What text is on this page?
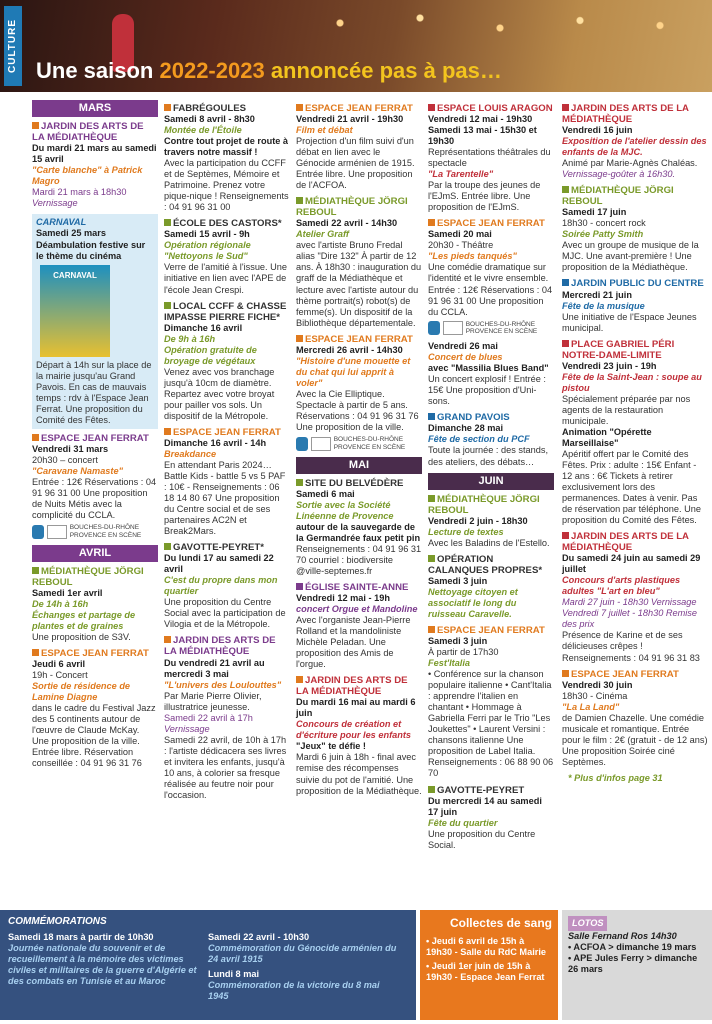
CULTURE Une saison 2022-2023 annoncée pas à pas…
MARS
JARDIN DES ARTS DE LA MÉDIATHÈQUE
Du mardi 21 mars au samedi 15 avril
"Carte blanche" à Patrick Magro
Mardi 21 mars à 18h30
Vernissage
CARNAVAL
Samedi 25 mars
Déambulation festive sur le thème du cinéma
CARNAVAL
Départ à 14h sur la place de la mairie jusqu'au Grand Pavois. En cas de mauvais temps : rdv à l'Espace Jean Ferrat. Une proposition du Comité des Fêtes.
ESPACE JEAN FERRAT
Vendredi 31 mars
20h30 – concert
"Caravane Namaste"
Entrée : 12€ Réservations : 04 91 96 31 00 Une proposition de Nuits Métis avec la complicité du CCLA.
BOUCHES-DU-RHÔNE PROVENCE EN SCÈNE
AVRIL
MÉDIATHÈQUE JÖRGI REBOUL
Samedi 1er avril
De 14h à 16h
Échanges et partage de plantes et de graines
Une proposition de S3V.
ESPACE JEAN FERRAT
Jeudi 6 avril
19h - Concert
Sortie de résidence de Lamine Diagne
dans le cadre du Festival Jazz des 5 continents autour de l'œuvre de Claude McKay. Une proposition de la ville. Entrée libre. Réservation conseillée : 04 91 96 31 76
FABRÉGOULES
Samedi 8 avril - 8h30
Montée de l'Étoile
Contre tout projet de route à travers notre massif !
Avec la participation du CCFF et de Septèmes, Mémoire et Patrimoine. Prenez votre pique-nique ! Renseignements : 04 91 96 31 00
ÉCOLE DES CASTORS*
Samedi 15 avril - 9h
Opération régionale "Nettoyons le Sud"
Verre de l'amitié à l'issue. Une initiative en lien avec l'APE de l'école Jean Crespi.
LOCAL CCFF & CHASSE IMPASSE PIERRE FICHE*
Dimanche 16 avril
De 9h à 16h
Opération gratuite de broyage de végétaux
Venez avec vos branchage jusqu'à 10cm de diamètre. Repartez avec votre broyat pour pailler vos sols. Un dispositif de la Métropole.
ESPACE JEAN FERRAT
Dimanche 16 avril - 14h
Breakdance
En attendant Paris 2024… Battle Kids - battle 5 vs 5 PAF : 10€ - Renseignements : 06 18 14 80 67 Une proposition du Centre social et de ses partenaires AC2N et Break2Mars.
GAVOTTE-PEYRET*
Du lundi 17 au samedi 22 avril
C'est du propre dans mon quartier
Une proposition du Centre Social avec la participation de Vilogia et de la Métropole.
JARDIN DES ARTS DE LA MÉDIATHÈQUE
Du vendredi 21 avril au mercredi 3 mai
"L'univers des Loulouttes"
Par Marie Pierre Olivier, illustratrice jeunesse.
Samedi 22 avril à 17h
Vernissage
Samedi 22 avril, de 10h à 17h : l'artiste dédicacera ses livres et invitera les enfants, jusqu'à 10 ans, à colorier sa fresque réalisée au feutre noir pour l'occasion.
ESPACE JEAN FERRAT
Vendredi 21 avril - 19h30
Film et débat
Projection d'un film suivi d'un débat en lien avec le Génocide arménien de 1915. Entrée libre. Une proposition de l'ACFOA.
MÉDIATHÈQUE JÖRGI REBOUL
Samedi 22 avril - 14h30
Atelier Graff
avec l'artiste Bruno Fredal alias "Dire 132" À partir de 12 ans. À 18h30 : inauguration du graff de la Médiathèque et lecture avec l'artiste autour du thème portrait(s) robot(s) de femme(s). Un dispositif de la Bibliothèque départementale.
ESPACE JEAN FERRAT
Mercredi 26 avril - 14h30
"Histoire d'une mouette et du chat qui lui apprit à voler"
Avec la Cie Elliptique. Spectacle à partir de 5 ans. Réservations : 04 91 96 31 76 Une proposition de la ville.
BOUCHES-DU-RHÔNE PROVENCE EN SCÈNE
MAI
SITE DU BELVÉDÈRE
Samedi 6 mai
Sortie avec la Société Linéenne de Provence
autour de la sauvegarde de la Germandrée faux petit pin
Renseignements : 04 91 96 31 70 courriel : biodiversite @ville-septemes.fr
ÉGLISE SAINTE-ANNE
Vendredi 12 mai - 19h
concert Orgue et Mandoline
Avec l'organiste Jean-Pierre Rolland et la mandoliniste Michèle Peladan. Une proposition des Amis de l'orgue.
JARDIN DES ARTS DE LA MÉDIATHÈQUE
Du mardi 16 mai au mardi 6 juin
Concours de création et d'écriture pour les enfants
"Jeux" te défie !
Mardi 6 juin à 18h - final avec remise des récompenses suivie du pot de l'amitié. Une proposition de la Médiathèque.
ESPACE LOUIS ARAGON
Vendredi 12 mai - 19h30 Samedi 13 mai - 15h30 et 19h30
Représentations théâtrales du spectacle
"La Tarentelle"
Par la troupe des jeunes de l'EJmS. Entrée libre. Une proposition de l'EJmS.
ESPACE JEAN FERRAT
Samedi 20 mai
20h30 - Théâtre
"Les pieds tanqués"
Une comédie dramatique sur l'identité et le vivre ensemble. Entrée : 12€ Réservations : 04 91 96 31 00 Une proposition du CCLA.
BOUCHES-DU-RHÔNE PROVENCE EN SCÈNE
Vendredi 26 mai
Concert de blues
avec "Massilia Blues Band"
Un concert explosif ! Entrée : 15€ Une proposition d'Uni-sons.
GRAND PAVOIS
Dimanche 28 mai
Fête de section du PCF
Toute la journée : des stands, des ateliers, des débats…
JUIN
MÉDIATHÈQUE JÖRGI REBOUL
Vendredi 2 juin - 18h30
Lecture de textes
Avec les Baladins de l'Estello.
OPÉRATION CALANQUES PROPRES*
Samedi 3 juin
Nettoyage citoyen et associatif le long du ruisseau Caravelle.
ESPACE JEAN FERRAT
Samedi 3 juin
À partir de 17h30
Fest'Italia
• Conférence sur la chanson populaire italienne • Cant'Italia : apprendre l'italien en chantant • Hommage à Gabriella Ferri par le Trio "Les Joukettes" • Laurent Versini : chansons italienne Une proposition de Label Italia. Renseignements : 06 88 90 06 70
GAVOTTE-PEYRET
Du mercredi 14 au samedi 17 juin
Fête du quartier
Une proposition du Centre Social.
JARDIN DES ARTS DE LA MÉDIATHÈQUE
Vendredi 16 juin
Exposition de l'atelier dessin des enfants de la MJC.
Animé par Marie-Agnès Chaléas.
Vernissage-goûter à 16h30.
MÉDIATHÈQUE JÖRGI REBOUL
Samedi 17 juin
18h30 - concert rock
Soirée Patty Smith
Avec un groupe de musique de la MJC. Une avant-première ! Une proposition de la Médiathèque.
JARDIN PUBLIC DU CENTRE
Mercredi 21 juin
Fête de la musique
Une initiative de l'Espace Jeunes municipal.
PLACE GABRIEL PÉRI NOTRE-DAME-LIMITE
Vendredi 23 juin - 19h
Fête de la Saint-Jean : soupe au pistou
Spécialement préparée par nos agents de la restauration municipale.
Animation "Opérette Marseillaise"
Apéritif offert par le Comité des Fêtes. Prix : adulte : 15€ Enfant - 12 ans : 6€ Tickets à retirer exclusivement lors des permanences. Dates à venir. Pas de réservation par téléphone. Une proposition du Comité des Fêtes.
JARDIN DES ARTS DE LA MÉDIATHÈQUE
Du samedi 24 juin au samedi 29 juillet
Concours d'arts plastiques adultes "L'art en bleu"
Mardi 27 juin - 18h30 Vernissage
Vendredi 7 juillet - 18h30 Remise des prix
Présence de Karine et de ses délicieuses crêpes ! Renseignements : 04 91 96 31 83
ESPACE JEAN FERRAT
Vendredi 30 juin
18h30 - Cinéma
"La La Land"
de Damien Chazelle. Une comédie musicale et romantique. Entrée pour le film : 2€ (gratuit - de 12 ans) Une proposition Soirée ciné Septèmes.
* Plus d'infos page 31
COMMÉMORATIONS
Samedi 18 mars à partir de 10h30
Journée nationale du souvenir et de recueillement à la mémoire des victimes civiles et militaires de la guerre d'Algérie et des combats en Tunisie et au Maroc
Samedi 22 avril - 10h30
Commémoration du Génocide arménien du 24 avril 1915
Lundi 8 mai
Commémoration de la victoire du 8 mai 1945
Collectes de sang
• Jeudi 6 avril de 15h à 19h30 - Salle du RdC Mairie
• Jeudi 1er juin de 15h à 19h30 - Espace Jean Ferrat
LOTOS
Salle Fernand Ros 14h30
• ACFOA > dimanche 19 mars
• APE Jules Ferry > dimanche 26 mars
